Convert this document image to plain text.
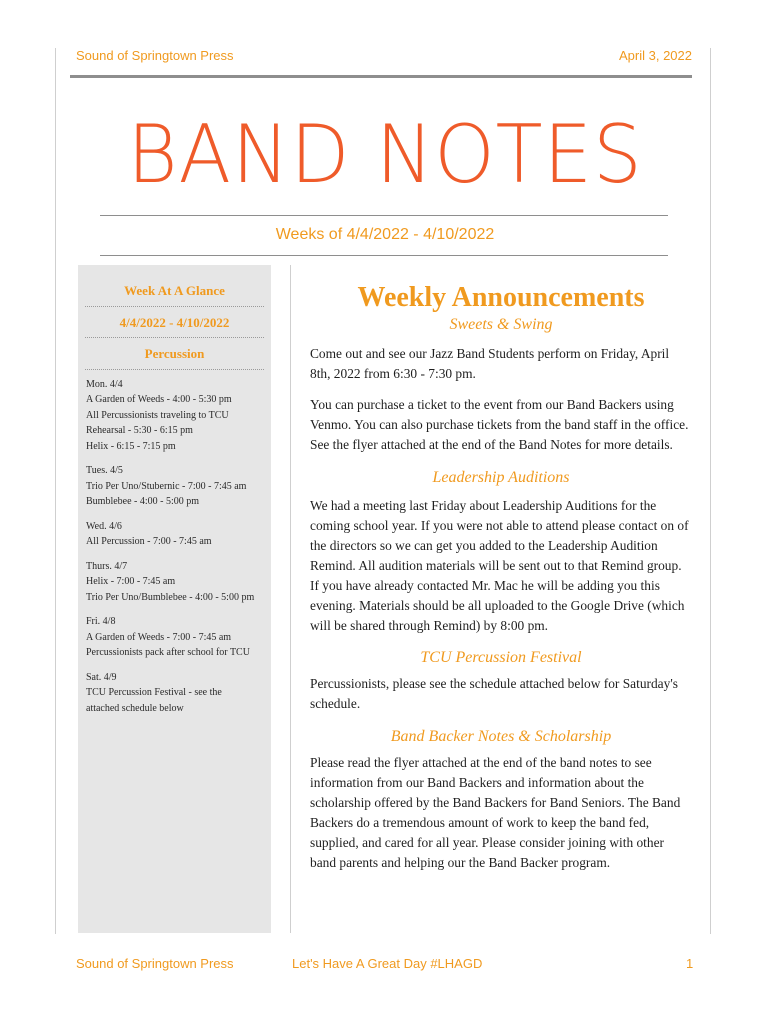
Sound of Springtown Press	April 3, 2022
BAND NOTES
Weeks of 4/4/2022 - 4/10/2022
Week At A Glance
4/4/2022 - 4/10/2022
Percussion
Mon. 4/4
A Garden of Weeds - 4:00 - 5:30 pm
All Percussionists traveling to TCU
Rehearsal - 5:30 - 6:15 pm
Helix - 6:15 - 7:15 pm
Tues. 4/5
Trio Per Uno/Stubernic - 7:00 - 7:45 am
Bumblebee - 4:00 - 5:00 pm
Wed. 4/6
All Percussion - 7:00 - 7:45 am
Thurs. 4/7
Helix - 7:00 - 7:45 am
Trio Per Uno/Bumblebee - 4:00 - 5:00 pm
Fri. 4/8
A Garden of Weeds - 7:00 - 7:45 am
Percussionists pack after school for TCU
Sat. 4/9
TCU Percussion Festival - see the
attached schedule below
Weekly Announcements
Sweets & Swing

Come out and see our Jazz Band Students perform on Friday, April 8th, 2022 from 6:30 - 7:30 pm.

You can purchase a ticket to the event from our Band Backers using Venmo. You can also purchase tickets from the band staff in the office. See the flyer attached at the end of the Band Notes for more details.

Leadership Auditions

We had a meeting last Friday about Leadership Auditions for the coming school year. If you were not able to attend please contact on of the directors so we can get you added to the Leadership Audition Remind. All audition materials will be sent out to that Remind group. If you have already contacted Mr. Mac he will be adding you this evening. Materials should be all uploaded to the Google Drive (which will be shared through Remind) by 8:00 pm.

TCU Percussion Festival

Percussionists, please see the schedule attached below for Saturday's schedule.

Band Backer Notes & Scholarship

Please read the flyer attached at the end of the band notes to see information from our Band Backers and information about the scholarship offered by the Band Backers for Band Seniors. The Band Backers do a tremendous amount of work to keep the band fed, supplied, and cared for all year. Please consider joining with other band parents and helping our the Band Backer program.

Sound of Springtown Press	Let's Have A Great Day #LHAGD	1
